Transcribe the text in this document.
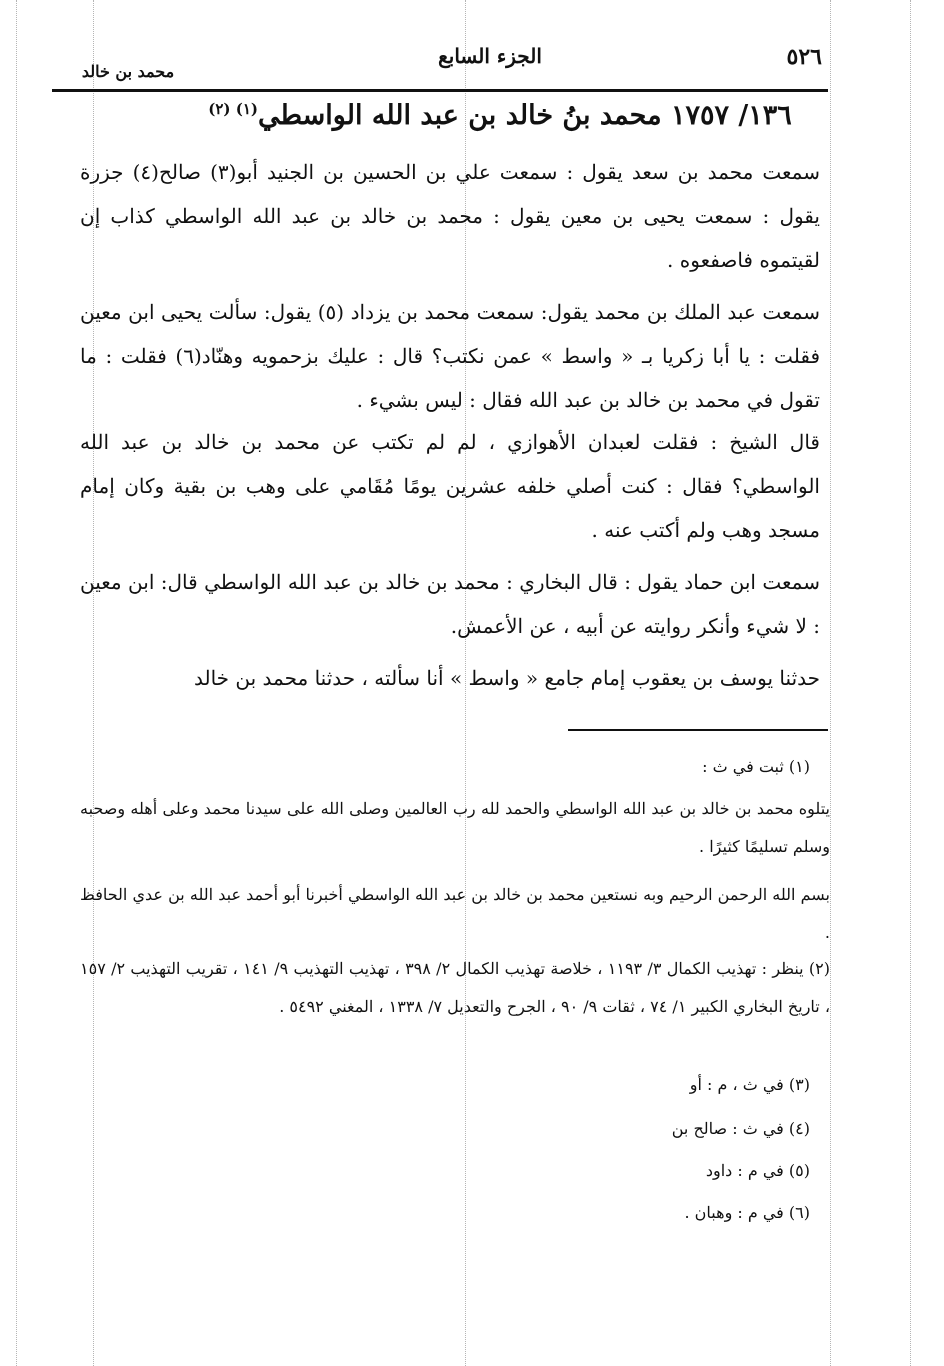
٥٢٦
الجزء السابع
محمد بن خالد
١٣٦/ ١٧٥٧ محمد بنُ خالد بن عبد الله الواسطي$^{(١) (٢)}$
سمعت محمد بن سعد يقول : سمعت علي بن الحسين بن الجنيد أبو(٣) صالح(٤) جزرة يقول : سمعت يحيى بن معين يقول : محمد بن خالد بن عبد الله الواسطي كذاب إن لقيتموه فاصفعوه .
سمعت عبد الملك بن محمد يقول: سمعت محمد بن يزداد (٥) يقول: سألت يحيى ابن معين فقلت : يا أبا زكريا بـ « واسط » عمن نكتب؟ قال : عليك بزحمويه وهنّاد(٦) فقلت : ما تقول في محمد بن خالد بن عبد الله فقال : ليس بشيء .
قال الشيخ : فقلت لعبدان الأهوازي ، لم لم تكتب عن محمد بن خالد بن عبد الله الواسطي؟ فقال : كنت أصلي خلفه عشرين يومًا مُقَامي على وهب بن بقية وكان إمام مسجد وهب ولم أكتب عنه .
سمعت ابن حماد يقول : قال البخاري : محمد بن خالد بن عبد الله الواسطي قال: ابن معين : لا شيء وأنكر روايته عن أبيه ، عن الأعمش.
حدثنا يوسف بن يعقوب إمام جامع « واسط » أنا سألته ، حدثنا محمد بن خالد
(١) ثبت في ث :
يتلوه محمد بن خالد بن عبد الله الواسطي والحمد لله رب العالمين وصلى الله على سيدنا محمد وعلى أهله وصحبه وسلم تسليمًا كثيرًا .
بسم الله الرحمن الرحيم وبه نستعين محمد بن خالد بن عبد الله الواسطي أخبرنا أبو أحمد عبد الله بن عدي الحافظ .
(٢) ينظر : تهذيب الكمال ٣/ ١١٩٣ ، خلاصة تهذيب الكمال ٢/ ٣٩٨ ، تهذيب التهذيب ٩/ ١٤١ ، تقريب التهذيب ٢/ ١٥٧ ، تاريخ البخاري الكبير ١/ ٧٤ ، ثقات ٩/ ٩٠ ، الجرح والتعديل ٧/ ١٣٣٨ ، المغني ٥٤٩٢ .
(٣) في ث ، م : أو
(٤) في ث : صالح بن
(٥) في م : داود
(٦) في م : وهبان .
